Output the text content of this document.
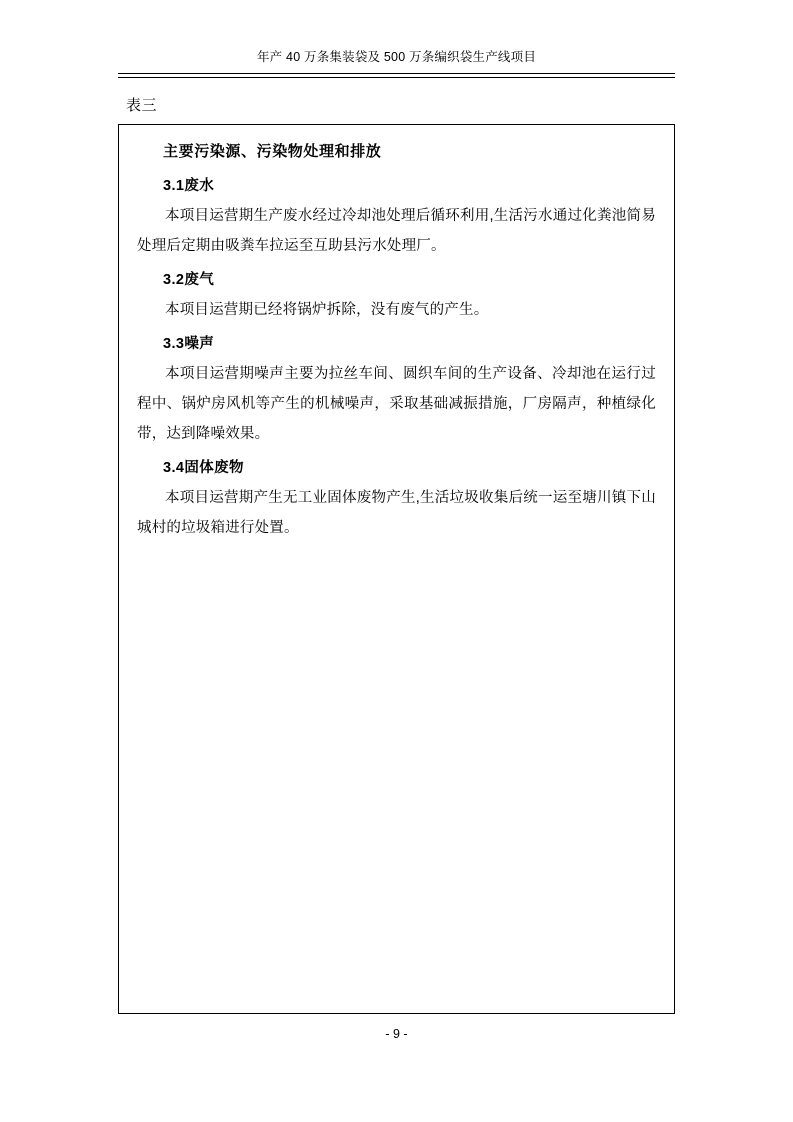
年产 40 万条集装袋及 500 万条编织袋生产线项目
表三
主要污染源、污染物处理和排放
3.1废水

本项目运营期生产废水经过冷却池处理后循环利用,生活污水通过化粪池简易处理后定期由吸粪车拉运至互助县污水处理厂。

3.2废气

本项目运营期已经将锅炉拆除，没有废气的产生。

3.3噪声

本项目运营期噪声主要为拉丝车间、圆织车间的生产设备、冷却池在运行过程中、锅炉房风机等产生的机械噪声，采取基础减振措施，厂房隔声，种植绿化带，达到降噪效果。

3.4固体废物

本项目运营期产生无工业固体废物产生,生活垃圾收集后统一运至塘川镇下山城村的垃圾箱进行处置。

- 9 -
